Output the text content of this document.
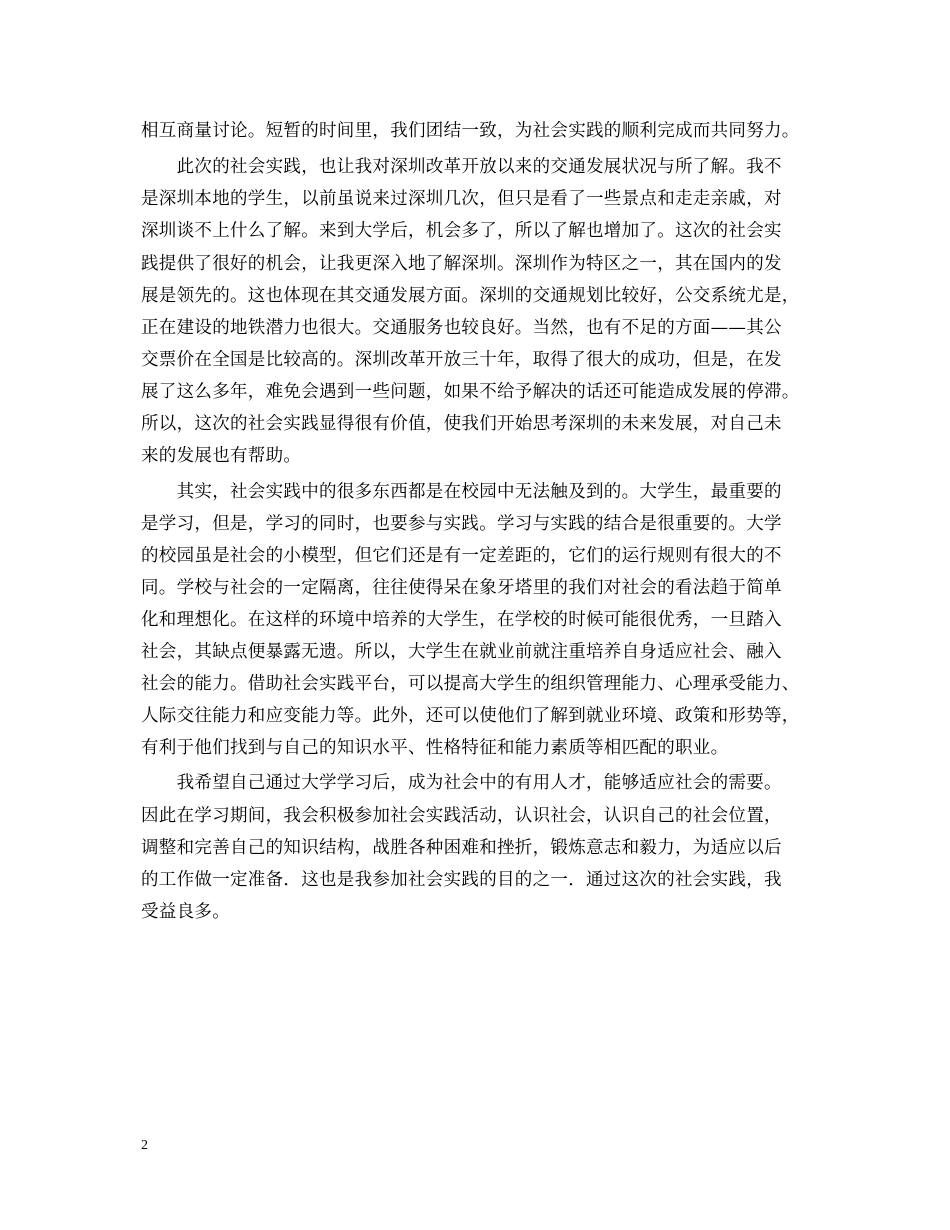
相互商量讨论。短暂的时间里，我们团结一致，为社会实践的顺利完成而共同努力。
　　此次的社会实践，也让我对深圳改革开放以来的交通发展状况与所了解。我不
是深圳本地的学生，以前虽说来过深圳几次，但只是看了一些景点和走走亲戚，对
深圳谈不上什么了解。来到大学后，机会多了，所以了解也增加了。这次的社会实
践提供了很好的机会，让我更深入地了解深圳。深圳作为特区之一，其在国内的发
展是领先的。这也体现在其交通发展方面。深圳的交通规划比较好，公交系统尤是，
正在建设的地铁潜力也很大。交通服务也较良好。当然，也有不足的方面——其公
交票价在全国是比较高的。深圳改革开放三十年，取得了很大的成功，但是，在发
展了这么多年，难免会遇到一些问题，如果不给予解决的话还可能造成发展的停滞。
所以，这次的社会实践显得很有价值，使我们开始思考深圳的未来发展，对自己未
来的发展也有帮助。
　　其实，社会实践中的很多东西都是在校园中无法触及到的。大学生，最重要的
是学习，但是，学习的同时，也要参与实践。学习与实践的结合是很重要的。大学
的校园虽是社会的小模型，但它们还是有一定差距的，它们的运行规则有很大的不
同。学校与社会的一定隔离，往往使得呆在象牙塔里的我们对社会的看法趋于简单
化和理想化。在这样的环境中培养的大学生，在学校的时候可能很优秀，一旦踏入
社会，其缺点便暴露无遗。所以，大学生在就业前就注重培养自身适应社会、融入
社会的能力。借助社会实践平台，可以提高大学生的组织管理能力、心理承受能力、
人际交往能力和应变能力等。此外，还可以使他们了解到就业环境、政策和形势等，
有利于他们找到与自己的知识水平、性格特征和能力素质等相匹配的职业。
　　我希望自己通过大学学习后，成为社会中的有用人才，能够适应社会的需要。
因此在学习期间，我会积极参加社会实践活动，认识社会，认识自己的社会位置，
调整和完善自己的知识结构，战胜各种困难和挫折，锻炼意志和毅力，为适应以后
的工作做一定准备．这也是我参加社会实践的目的之一．通过这次的社会实践，我
受益良多。
2
